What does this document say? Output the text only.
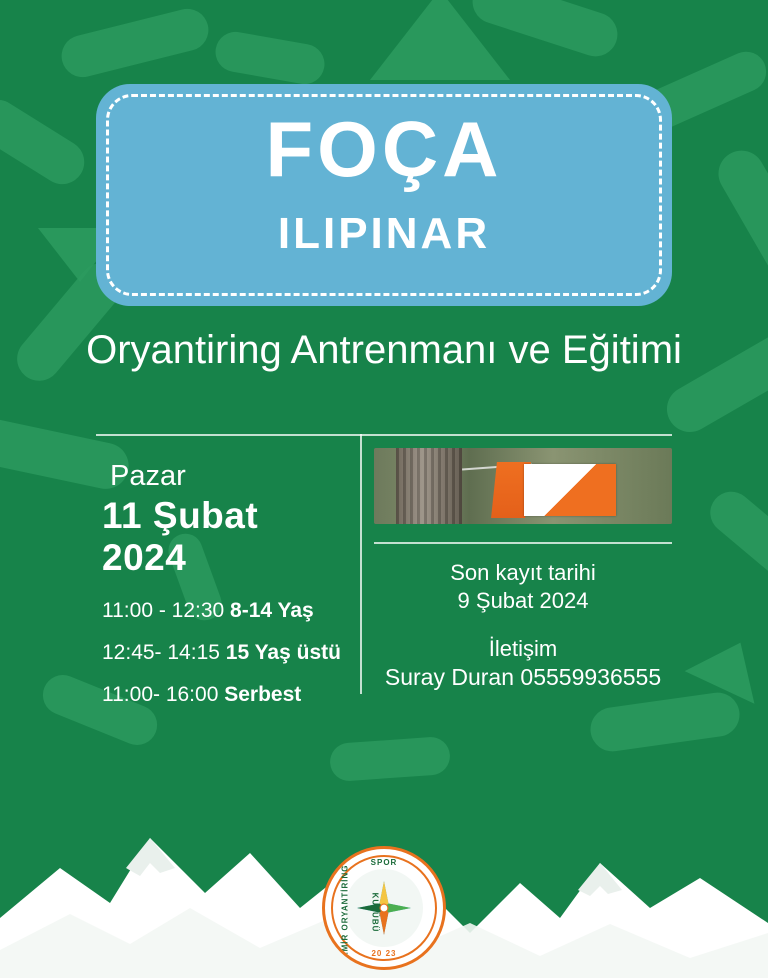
FOÇA
ILIPINAR
Oryantiring Antrenmanı ve Eğitimi
Pazar
11 Şubat 2024
11:00 - 12:30 8-14 Yaş
12:45- 14:15 15 Yaş üstü
11:00- 16:00 Serbest
Son kayıt tarihi
9 Şubat 2024
İletişim
Suray Duran 05559936555
SPOR
20 23
İZMİR ORYANTİRİNG	KULÜBÜ
